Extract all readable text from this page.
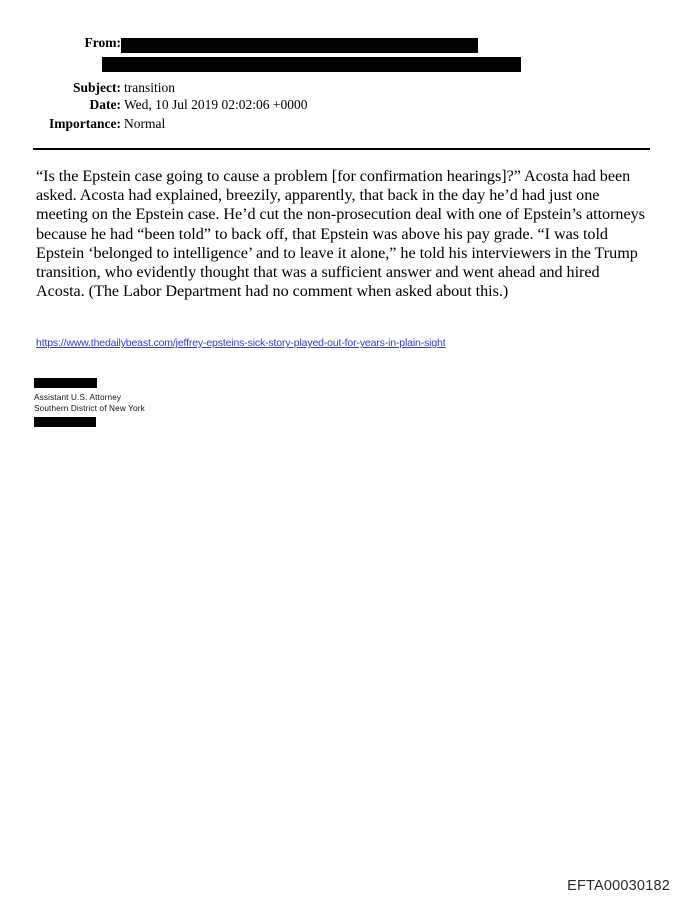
From:
Subject: transition
Date: Wed, 10 Jul 2019 02:02:06 +0000
Importance: Normal
“Is the Epstein case going to cause a problem [for confirmation hearings]?” Acosta had been asked. Acosta had explained, breezily, apparently, that back in the day he’d had just one meeting on the Epstein case. He’d cut the non-prosecution deal with one of Epstein’s attorneys because he had “been told” to back off, that Epstein was above his pay grade. “I was told Epstein ‘belonged to intelligence’ and to leave it alone,” he told his interviewers in the Trump transition, who evidently thought that was a sufficient answer and went ahead and hired Acosta. (The Labor Department had no comment when asked about this.)
https://www.thedailybeast.com/jeffrey-epsteins-sick-story-played-out-for-years-in-plain-sight
Assistant U.S. Attorney
Southern District of New York
EFTA00030182
